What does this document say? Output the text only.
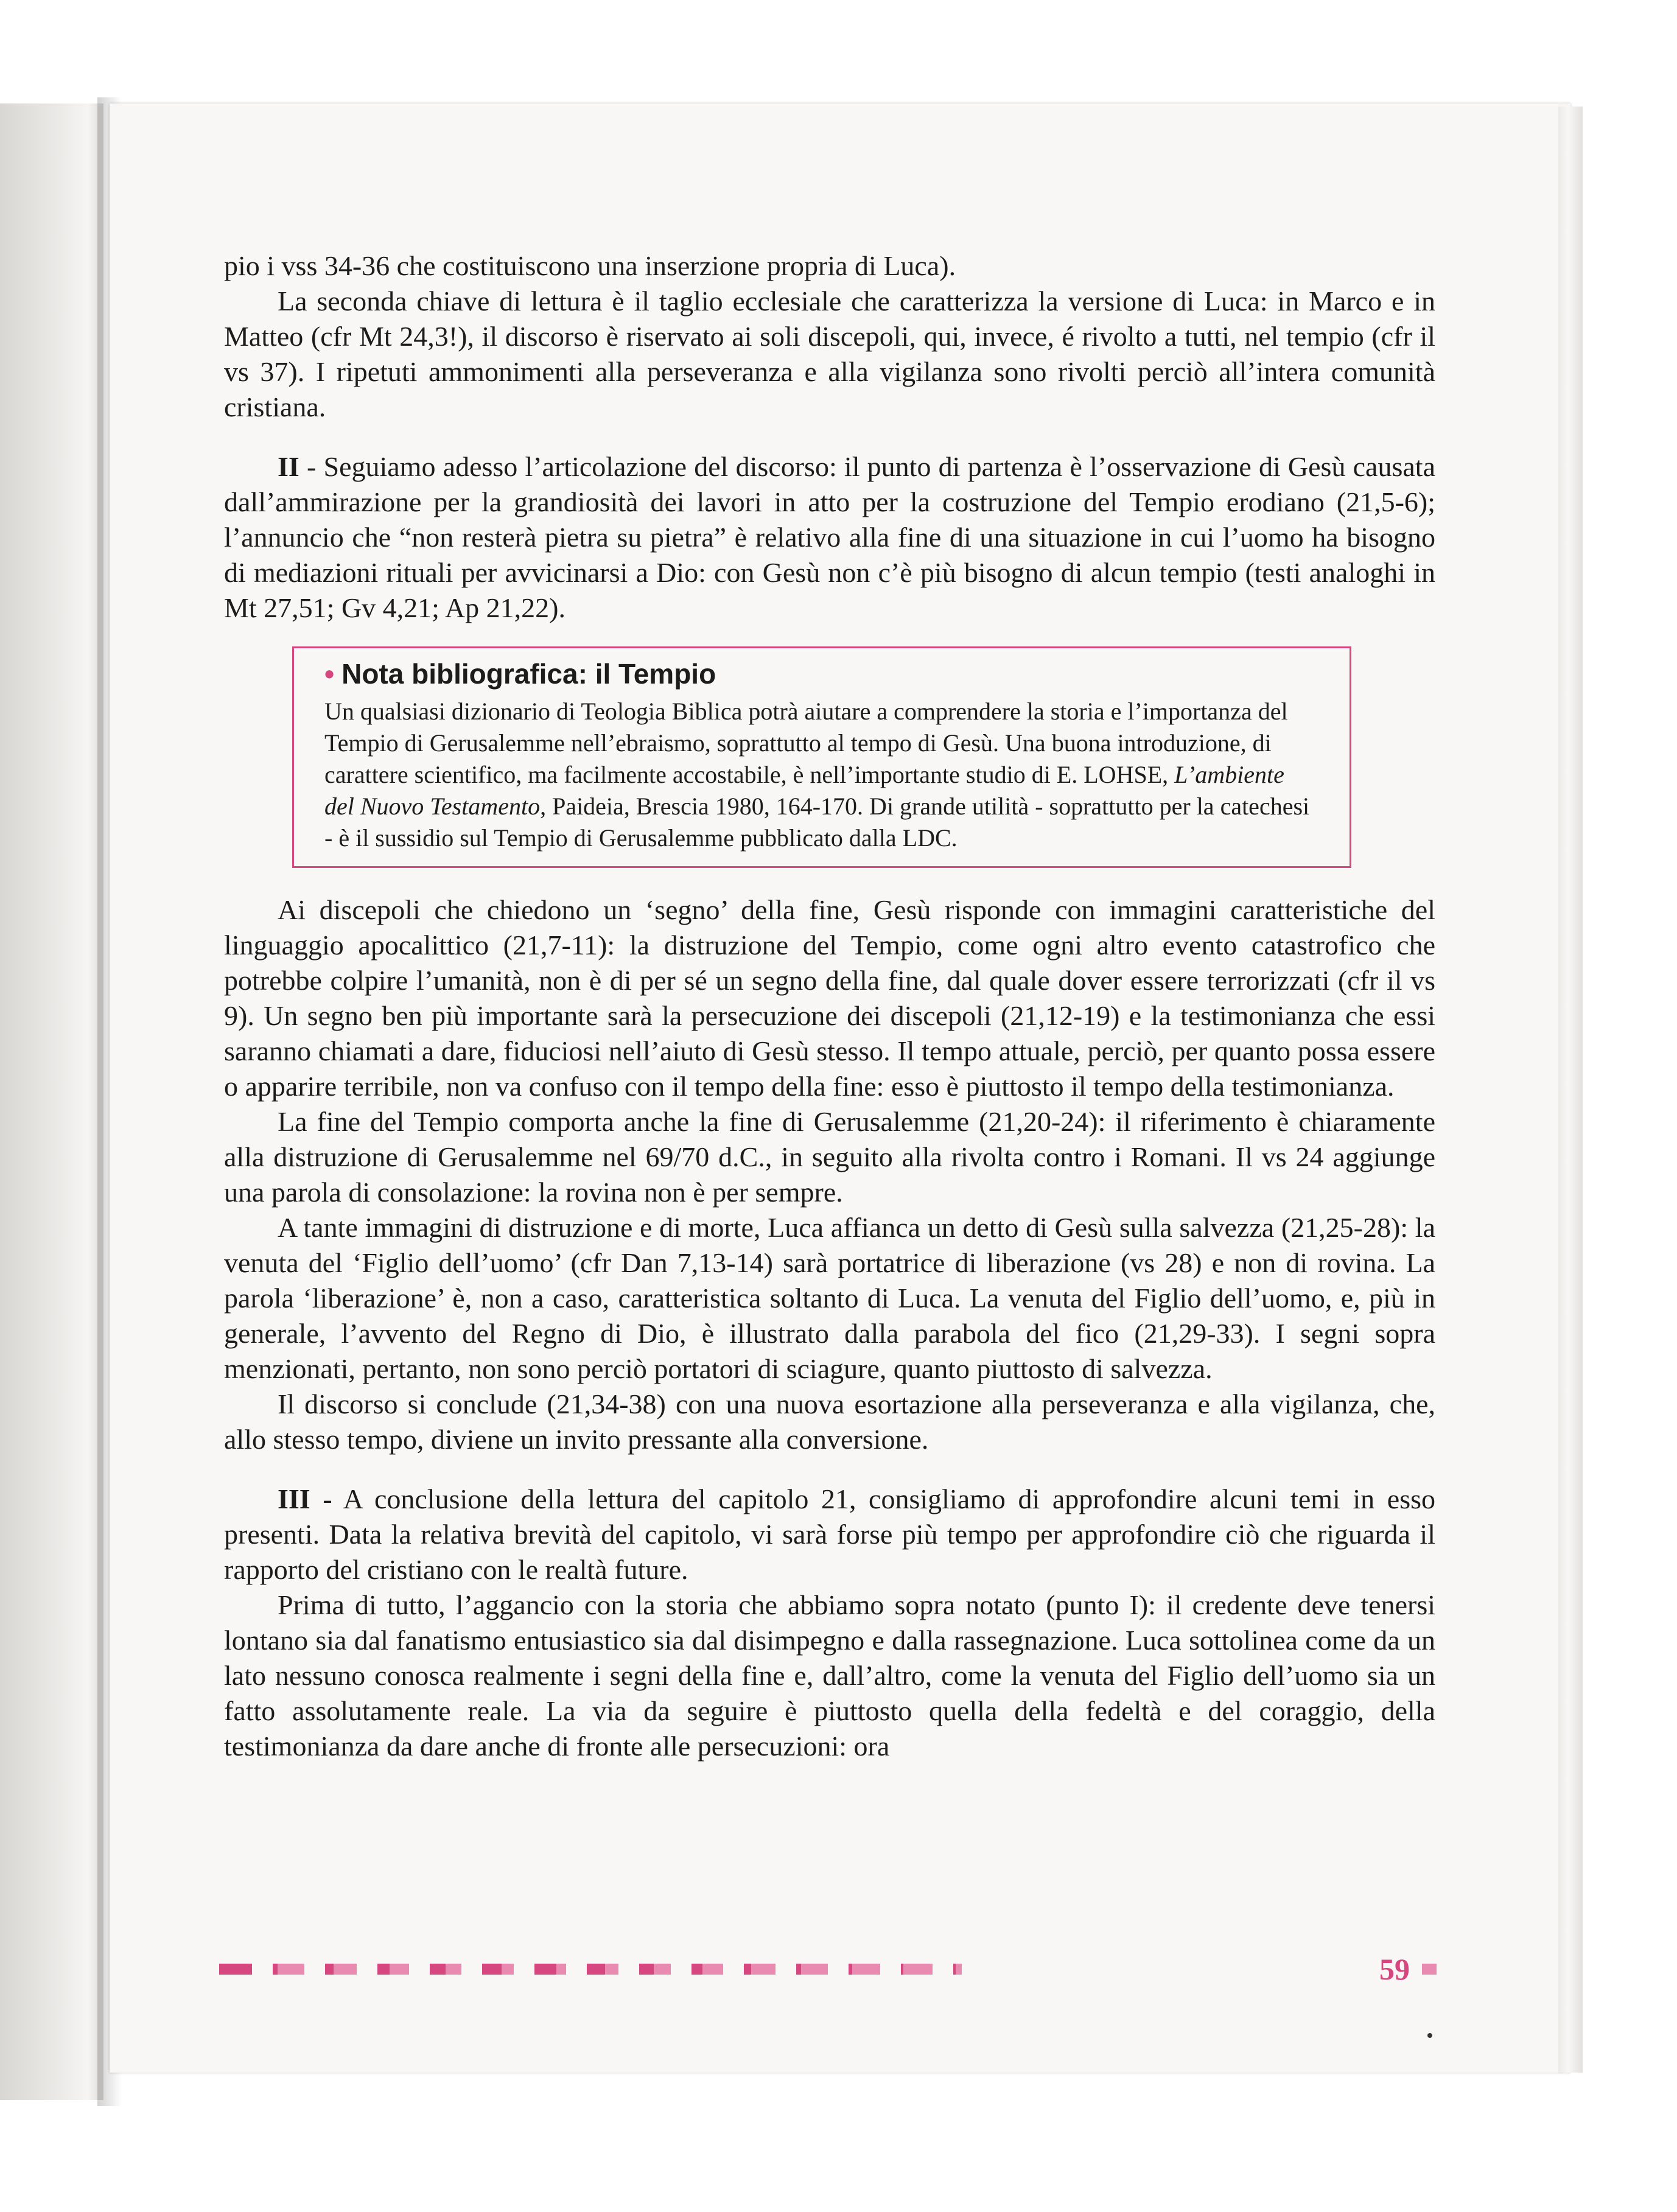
pio i vss 34-36 che costituiscono una inserzione propria di Luca).

La seconda chiave di lettura è il taglio ecclesiale che caratterizza la versione di Luca: in Marco e in Matteo (cfr Mt 24,3!), il discorso è riservato ai soli discepoli, qui, invece, é rivolto a tutti, nel tempio (cfr il vs 37). I ripetuti ammonimenti alla perseveranza e alla vigilanza sono rivolti perciò all’intera comunità cristiana.

II - Seguiamo adesso l’articolazione del discorso: il punto di partenza è l’osservazione di Gesù causata dall’ammirazione per la grandiosità dei lavori in atto per la costruzione del Tempio erodiano (21,5-6); l’annuncio che “non resterà pietra su pietra” è relativo alla fine di una situazione in cui l’uomo ha bisogno di mediazioni rituali per avvicinarsi a Dio: con Gesù non c’è più bisogno di alcun tempio (testi analoghi in Mt 27,51; Gv 4,21; Ap 21,22).

• Nota bibliografica: il Tempio

Un qualsiasi dizionario di Teologia Biblica potrà aiutare a comprendere la storia e l’importanza del Tempio di Gerusalemme nell’ebraismo, soprattutto al tempo di Gesù. Una buona introduzione, di carattere scientifico, ma facilmente accostabile, è nell’importante studio di E. LOHSE, L’ambiente del Nuovo Testamento, Paideia, Brescia 1980, 164-170. Di grande utilità - soprattutto per la catechesi - è il sussidio sul Tempio di Gerusalemme pubblicato dalla LDC.

Ai discepoli che chiedono un ‘segno’ della fine, Gesù risponde con immagini caratteristiche del linguaggio apocalittico (21,7-11): la distruzione del Tempio, come ogni altro evento catastrofico che potrebbe colpire l’umanità, non è di per sé un segno della fine, dal quale dover essere terrorizzati (cfr il vs 9). Un segno ben più importante sarà la persecuzione dei discepoli (21,12-19) e la testimonianza che essi saranno chiamati a dare, fiduciosi nell’aiuto di Gesù stesso. Il tempo attuale, perciò, per quanto possa essere o apparire terribile, non va confuso con il tempo della fine: esso è piuttosto il tempo della testimonianza.

La fine del Tempio comporta anche la fine di Gerusalemme (21,20-24): il riferimento è chiaramente alla distruzione di Gerusalemme nel 69/70 d.C., in seguito alla rivolta contro i Romani. Il vs 24 aggiunge una parola di consolazione: la rovina non è per sempre.

A tante immagini di distruzione e di morte, Luca affianca un detto di Gesù sulla salvezza (21,25-28): la venuta del ‘Figlio dell’uomo’ (cfr Dan 7,13-14) sarà portatrice di liberazione (vs 28) e non di rovina. La parola ‘liberazione’ è, non a caso, caratteristica soltanto di Luca. La venuta del Figlio dell’uomo, e, più in generale, l’avvento del Regno di Dio, è illustrato dalla parabola del fico (21,29-33). I segni sopra menzionati, pertanto, non sono perciò portatori di sciagure, quanto piuttosto di salvezza.

Il discorso si conclude (21,34-38) con una nuova esortazione alla perseveranza e alla vigilanza, che, allo stesso tempo, diviene un invito pressante alla conversione.

III - A conclusione della lettura del capitolo 21, consigliamo di approfondire alcuni temi in esso presenti. Data la relativa brevità del capitolo, vi sarà forse più tempo per approfondire ciò che riguarda il rapporto del cristiano con le realtà future.

Prima di tutto, l’aggancio con la storia che abbiamo sopra notato (punto I): il credente deve tenersi lontano sia dal fanatismo entusiastico sia dal disimpegno e dalla rassegnazione. Luca sottolinea come da un lato nessuno conosca realmente i segni della fine e, dall’altro, come la venuta del Figlio dell’uomo sia un fatto assolutamente reale. La via da seguire è piuttosto quella della fedeltà e del coraggio, della testimonianza da dare anche di fronte alle persecuzioni: ora

59
